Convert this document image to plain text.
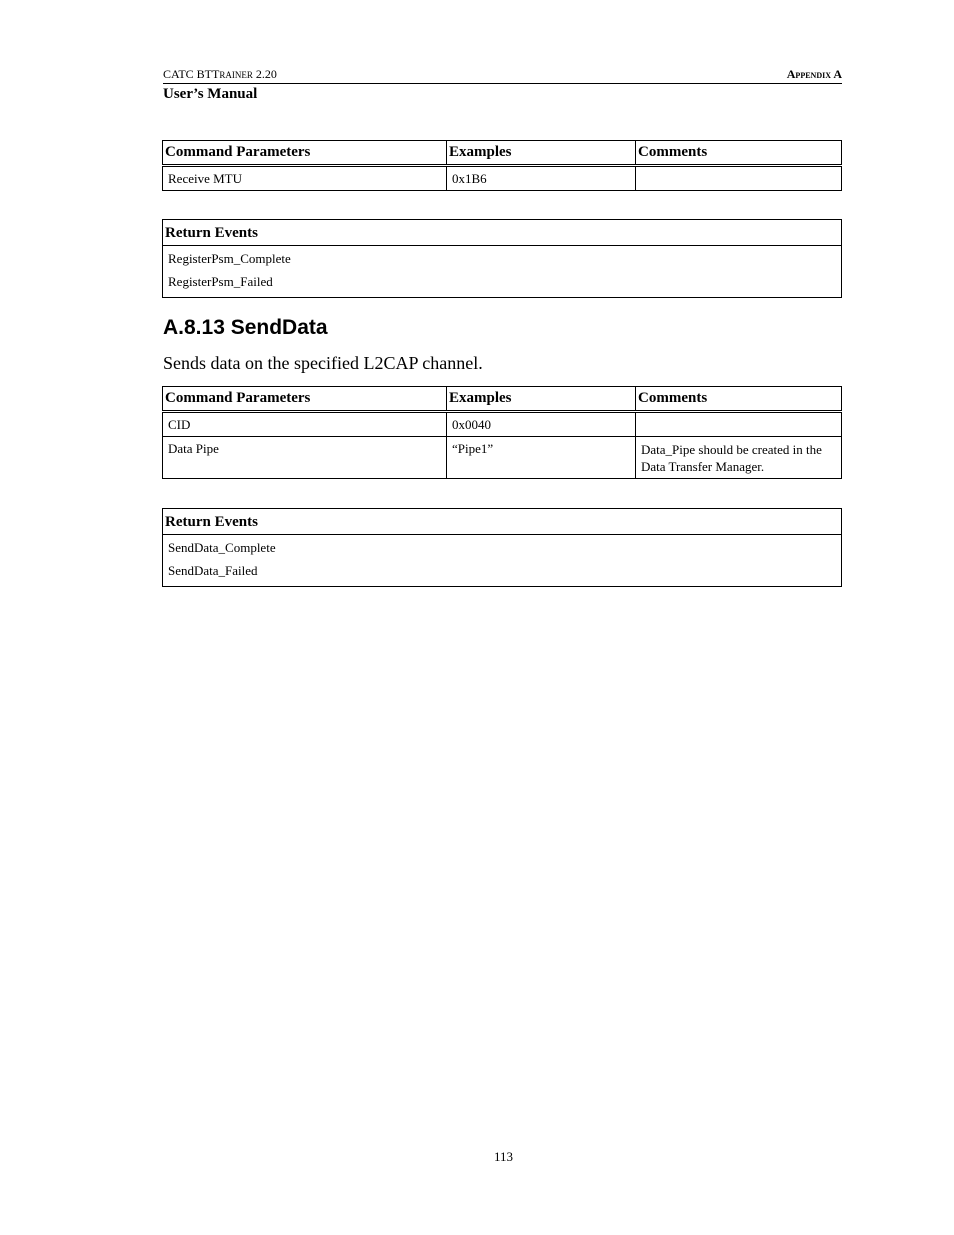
CATC BTTRAINER 2.20	Appendix A
User’s Manual
Command Parameters	Examples	Comments
Receive MTU	0x1B6	
Return Events

RegisterPsm_Complete
RegisterPsm_Failed
A.8.13 SendData
Sends data on the specified L2CAP channel.
Command Parameters	Examples	Comments
CID	0x0040	
Data Pipe	“Pipe1”	Data_Pipe should be created in the Data Transfer Manager.
Return Events

SendData_Complete
SendData_Failed
113
